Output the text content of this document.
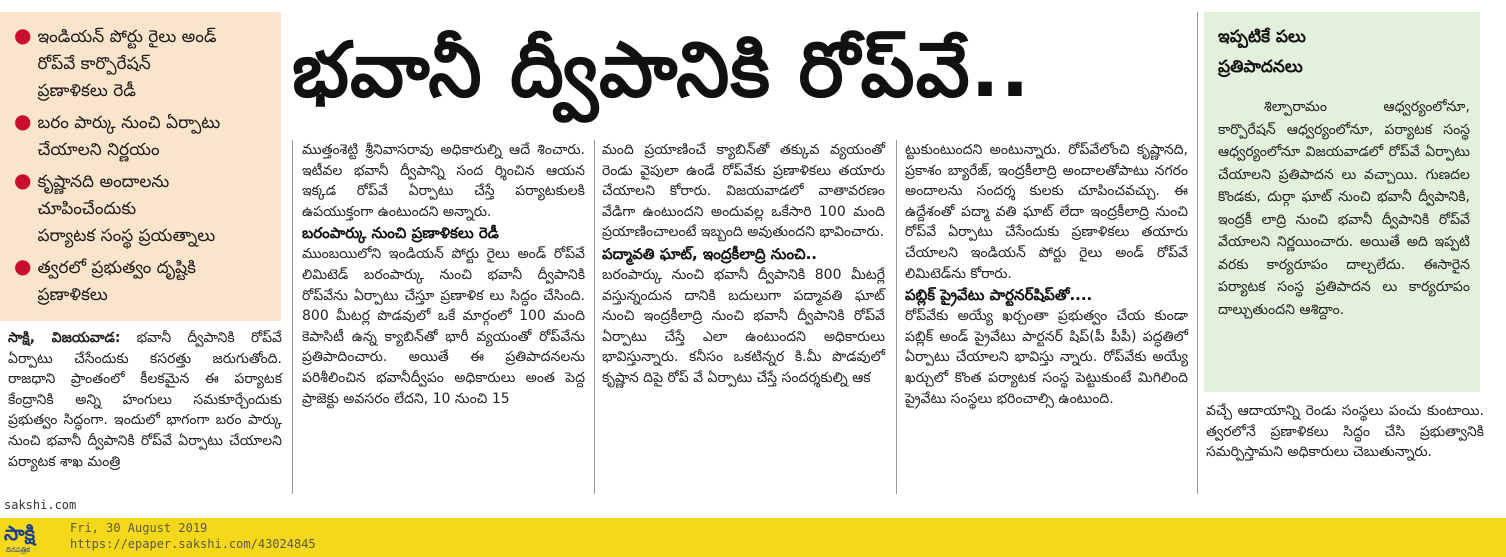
● ఇండియన్ పోర్టు రైలు అండ్
రోప్‌వే కార్పొరేషన్
ప్రణాళికలు రెడీ
● బరం పార్కు నుంచి ఏర్పాటు
చేయాలని నిర్ణయం
● కృష్ణానది అందాలను
చూపించేందుకు
పర్యాటక సంస్థ ప్రయత్నాలు
● త్వరలో ప్రభుత్వం దృష్టికి
ప్రణాళికలు
భవానీ ద్వీపానికి రోప్‌వే..

సాక్షి, విజయవాడ: భవానీ ద్వీపానికి రోప్‌వే ఏర్పాటు చేసేందుకు కసరత్తు జరుగుతోంది. రాజధాని ప్రాంతంలో కీలకమైన ఈ పర్యాటక కేంద్రానికి అన్ని హంగులు సమకూర్చేందుకు ప్రభుత్వం సిద్ధంగా. ఇందులో భాగంగా బరం పార్కు నుంచి భవానీ ద్వీపానికి రోప్‌వే ఏర్పాటు చేయాలని పర్యాటక శాఖ మంత్రి

ముత్తంశెట్టి శ్రీనివాసరావు అధికారుల్ని ఆదే శించారు. ఇటీవల భవానీ ద్వీపాన్ని సంద ర్శించిన ఆయన ఇక్కడ రోప్‌వే ఏర్పాటు చేస్తే పర్యాటకులకి ఉపయుక్తంగా ఉంటుందని అన్నారు.

బరంపార్కు నుంచి ప్రణాళికలు రెడీ

ముంబయిలోని ఇండియన్ పోర్టు రైలు అండ్ రోప్‌వే లిమిటెడ్ బరంపార్కు నుంచి భవానీ ద్వీపానికి రోప్‌వేను ఏర్పాటు చేస్తూ ప్రణాళిక లు సిద్ధం చేసింది. 800 మీటర్ల పొడవులో ఒకే మార్గంలో 100 మంది కెపాసిటీ ఉన్న క్యాబిన్‌తో భారీ వ్యయంతో రోప్‌వేను ప్రతిపాదించారు. అయితే ఈ ప్రతిపాదనలను పరిశీలించిన భవానీద్వీపం అధికారులు అంత పెద్ద ప్రాజెక్టు అవసరం లేదని, 10 నుంచి 15

మంది ప్రయాణించే క్యాబిన్‌తో తక్కువ వ్యయంతో రెండు వైపులా ఉండే రోప్‌వేకు ప్రణాళికలు తయారు చేయాలని కోరారు. విజయవాడలో వాతావరణం వేడిగా ఉంటుందని అందువల్ల ఒకేసారి 100 మంది ప్రయాణించాలంటే ఇబ్బంది అవుతుందని భావించారు.

పద్మావతి ఘాట్, ఇంద్రకీలాద్రి నుంచి..

బరంపార్కు నుంచి భవానీ ద్వీపానికి 800 మీటర్లే వస్తున్నందున దానికి బదులుగా పద్మావతి ఘాట్ నుంచి ఇంద్రకీలాద్రి నుంచి భవానీ ద్వీపానికి రోప్‌వే ఏర్పాటు చేస్తే ఎలా ఉంటుందని అధికారులు భావిస్తున్నారు. కనీసం ఒకటిన్నర కి.మీ పొడవులో కృష్ణాన దిపై రోప్ వే ఏర్పాటు చేస్తే సందర్శకుల్ని ఆక

ట్టుకుంటుందని అంటున్నారు. రోప్‌వేలోంచి కృష్ణానది, ప్రకాశం బ్యారేజ్, ఇంద్రకీలాద్రి అందాలతోపాటు నగరం అందాలను సందర్శ కులకు చూపించవచ్చు. ఈ ఉద్దేశంతో పద్మా వతి ఘాట్ లేదా ఇంద్రకీలాద్రి నుంచి రోప్‌వే ఏర్పాటు చేసేందుకు ప్రణాళికలు తయారు చేయాలని ఇండియన్ పోర్టు రైలు అండ్ రోప్‌వే లిమిటెడ్‌ను కోరారు.

పబ్లిక్ ప్రైవేటు పార్టనర్‌షిప్‌తో....

రోప్‌వేకు అయ్యే ఖర్చంతా ప్రభుత్వం చేయ కుండా పబ్లిక్ అండ్ ప్రైవేటు పార్టనర్ షిప్(పీ పీపీ) పద్ధతిలో ఏర్పాటు చేయాలని భావిస్తు న్నారు. రోప్‌వేకు అయ్యే ఖర్చులో కొంత పర్యాటక సంస్థ పెట్టుకుంటే మిగిలింది ప్రైవేటు సంస్థలు భరించాల్సి ఉంటుంది.

ఇప్పటికే పలు
ప్రతిపాదనలు

శిల్పారామం ఆధ్వర్యంలోనూ, కార్పొరేషన్ ఆధ్వర్యంలోనూ, పర్యాటక సంస్థ ఆధ్వర్యంలోనూ విజయవాడలో రోప్‌వే ఏర్పాటు చేయాలని ప్రతిపాదన లు వచ్చాయి. గుణదల కొండకు, దుర్గా ఘాట్ నుంచి భవానీ ద్వీపానికి, ఇంద్రకీ లాద్రి నుంచి భవానీ ద్వీపానికి రోప్‌వే వేయాలని నిర్ణయించారు. అయితే అది ఇప్పటి వరకు కార్యరూపం దాల్చలేదు. ఈసారైన పర్యాటక సంస్థ ప్రతిపాదన లు కార్యరూపం దాల్చుతుందని ఆశిద్దాం.

వచ్చే ఆదాయాన్ని రెండు సంస్థలు పంచు కుంటాయి. త్వరలోనే ప్రణాళికలు సిద్ధం చేసి ప్రభుత్వానికి సమర్పిస్తామని అధికారులు చెబుతున్నారు.

సాక్షి
దినపత్రిక
Fri, 30 August 2019
https://epaper.sakshi.com/43024845
sakshi.com
